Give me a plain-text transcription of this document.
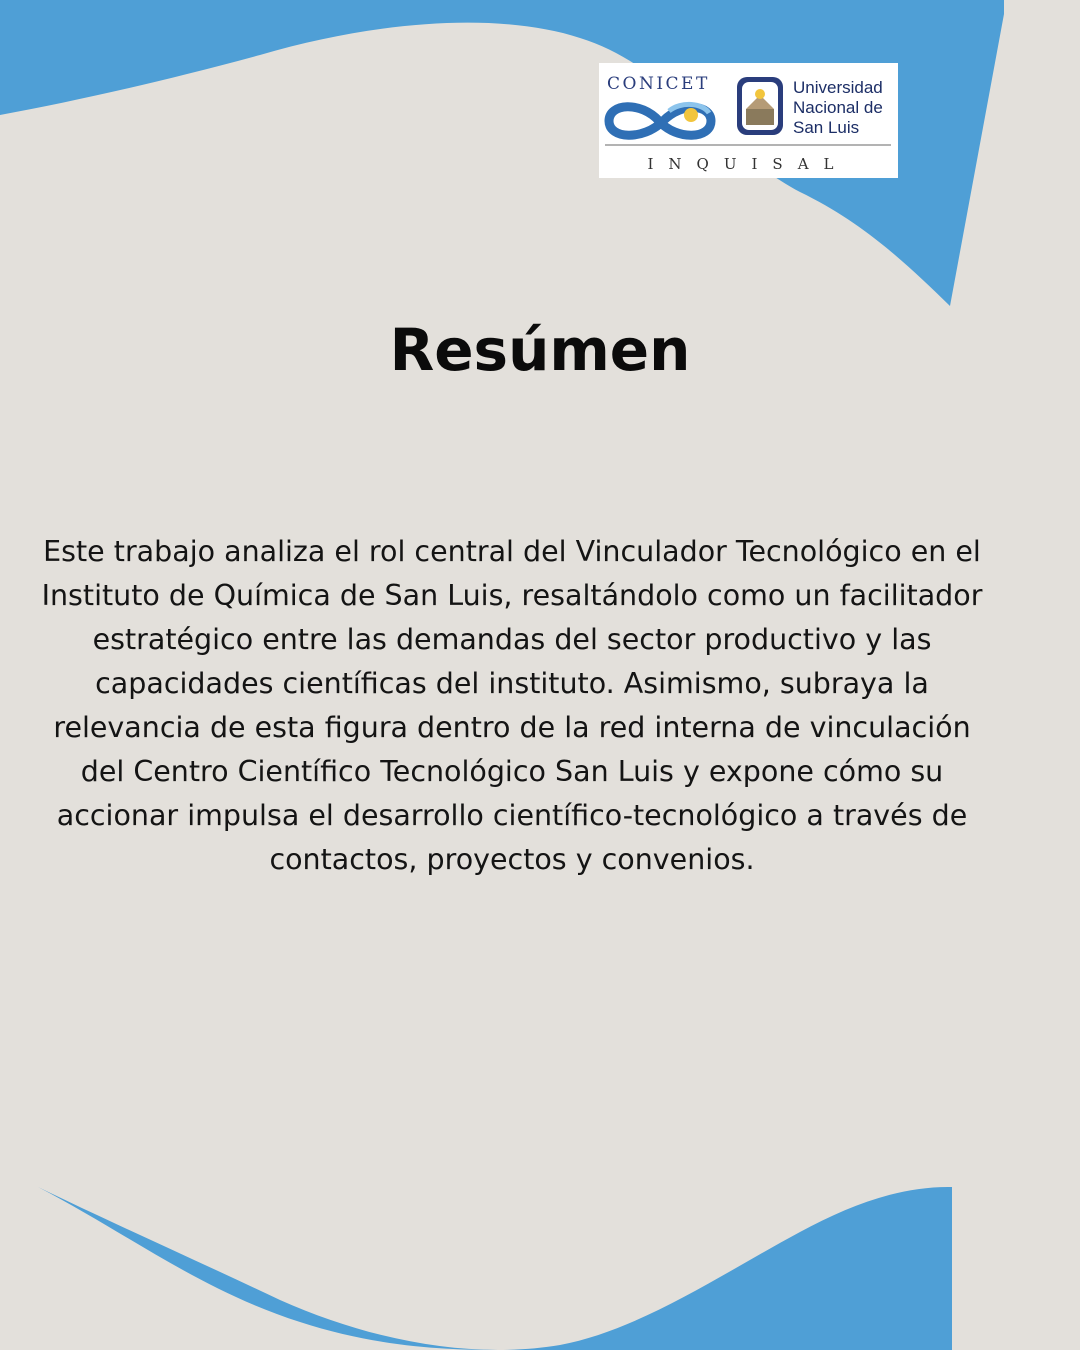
CONICET	Universidad
Nacional de
San Luis
INQUISAL
Resúmen

Este trabajo analiza el rol central del Vinculador Tecnológico en el Instituto de Química de San Luis, resaltándolo como un facilitador estratégico entre las demandas del sector productivo y las capacidades científicas del instituto. Asimismo, subraya la relevancia de esta figura dentro de la red interna de vinculación del Centro Científico Tecnológico San Luis y expone cómo su accionar impulsa el desarrollo científico-tecnológico a través de contactos, proyectos y convenios.
